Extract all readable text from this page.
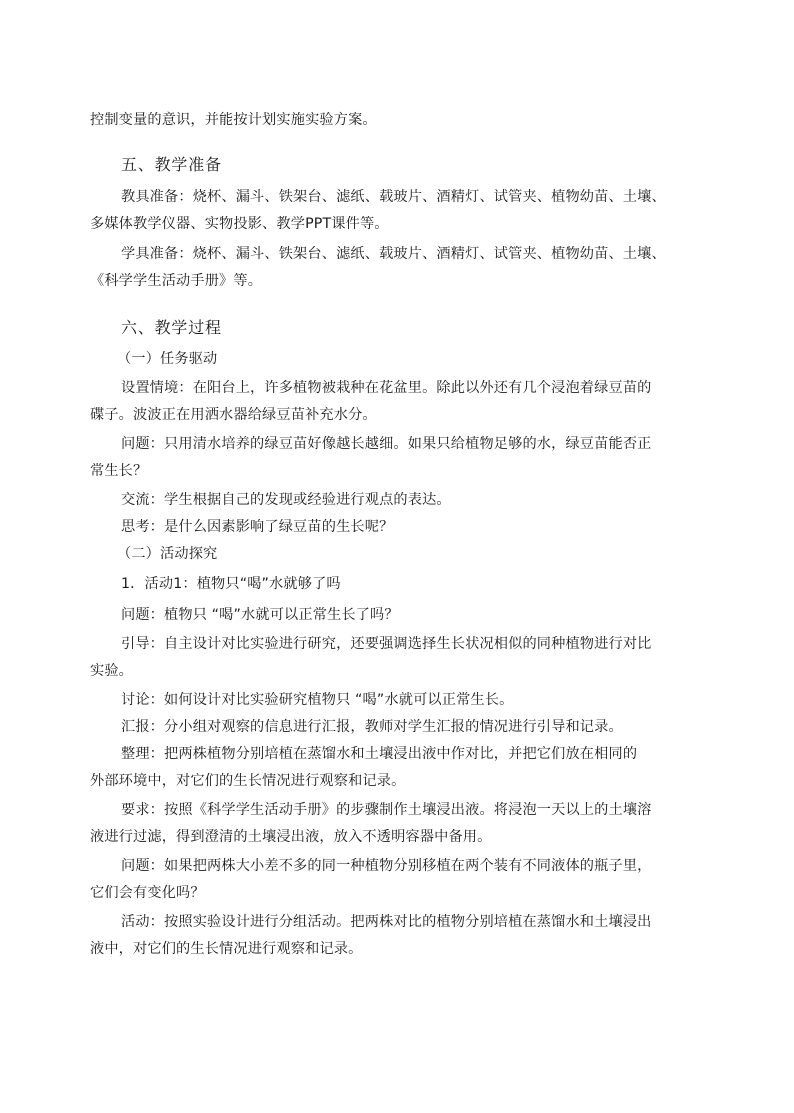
控制变量的意识，并能按计划实施实验方案。
五、教学准备
教具准备：烧杯、漏斗、铁架台、滤纸、载玻片、酒精灯、试管夹、植物幼苗、土壤、
多媒体教学仪器、实物投影、教学PPT课件等。
学具准备：烧杯、漏斗、铁架台、滤纸、载玻片、酒精灯、试管夹、植物幼苗、土壤、
《科学学生活动手册》等。
六、教学过程
（一）任务驱动
设置情境：在阳台上，许多植物被栽种在花盆里。除此以外还有几个浸泡着绿豆苗的
碟子。波波正在用洒水器给绿豆苗补充水分。
问题：只用清水培养的绿豆苗好像越长越细。如果只给植物足够的水，绿豆苗能否正
常生长？
交流：学生根据自己的发现或经验进行观点的表达。
思考：是什么因素影响了绿豆苗的生长呢？
（二）活动探究
1．活动1：植物只“喝”水就够了吗
问题：植物只 “喝”水就可以正常生长了吗？
引导：自主设计对比实验进行研究，还要强调选择生长状况相似的同种植物进行对比
实验。
讨论：如何设计对比实验研究植物只 “喝”水就可以正常生长。
汇报：分小组对观察的信息进行汇报，教师对学生汇报的情况进行引导和记录。
整理：把两株植物分别培植在蒸馏水和土壤浸出液中作对比，并把它们放在相同的
外部环境中，对它们的生长情况进行观察和记录。
要求：按照《科学学生活动手册》的步骤制作土壤浸出液。将浸泡一天以上的土壤溶
液进行过滤，得到澄清的土壤浸出液，放入不透明容器中备用。
问题：如果把两株大小差不多的同一种植物分别移植在两个装有不同液体的瓶子里，
它们会有变化吗？
活动：按照实验设计进行分组活动。把两株对比的植物分别培植在蒸馏水和土壤浸出
液中，对它们的生长情况进行观察和记录。
